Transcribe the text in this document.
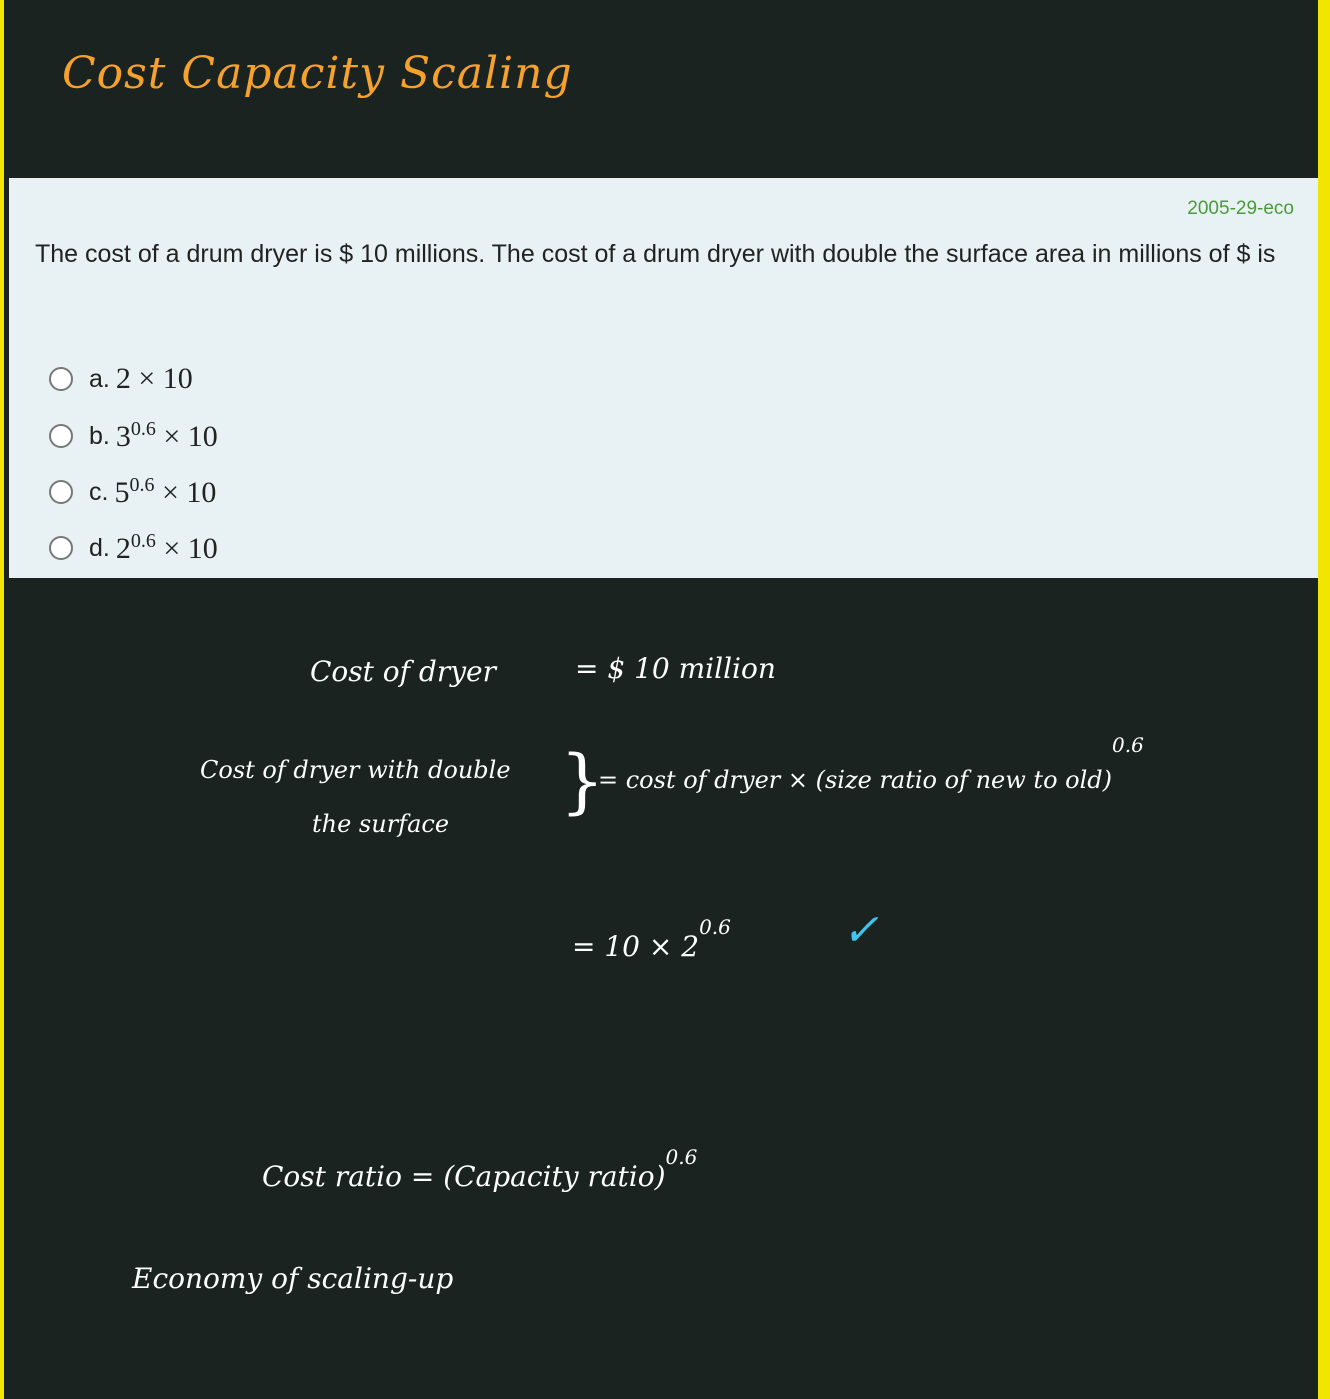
Cost Capacity Scaling
2005-29-eco
The cost of a drum dryer is $ 10 millions. The cost of a drum dryer with double the surface area in millions of $ is
a. 2 × 10
b. $3^{0.6} \times 10$
c. $5^{0.6} \times 10$
d. $2^{0.6} \times 10$
Cost of dryer	= $ 10 million
Cost of dryer with double
the surface
}
= cost of dryer × (size ratio of new to old)$^{0.6}$
= $10 \times 2^{0.6}$	✓
Cost ratio = (Capacity ratio)$^{0.6}$
Economy of scaling-up
